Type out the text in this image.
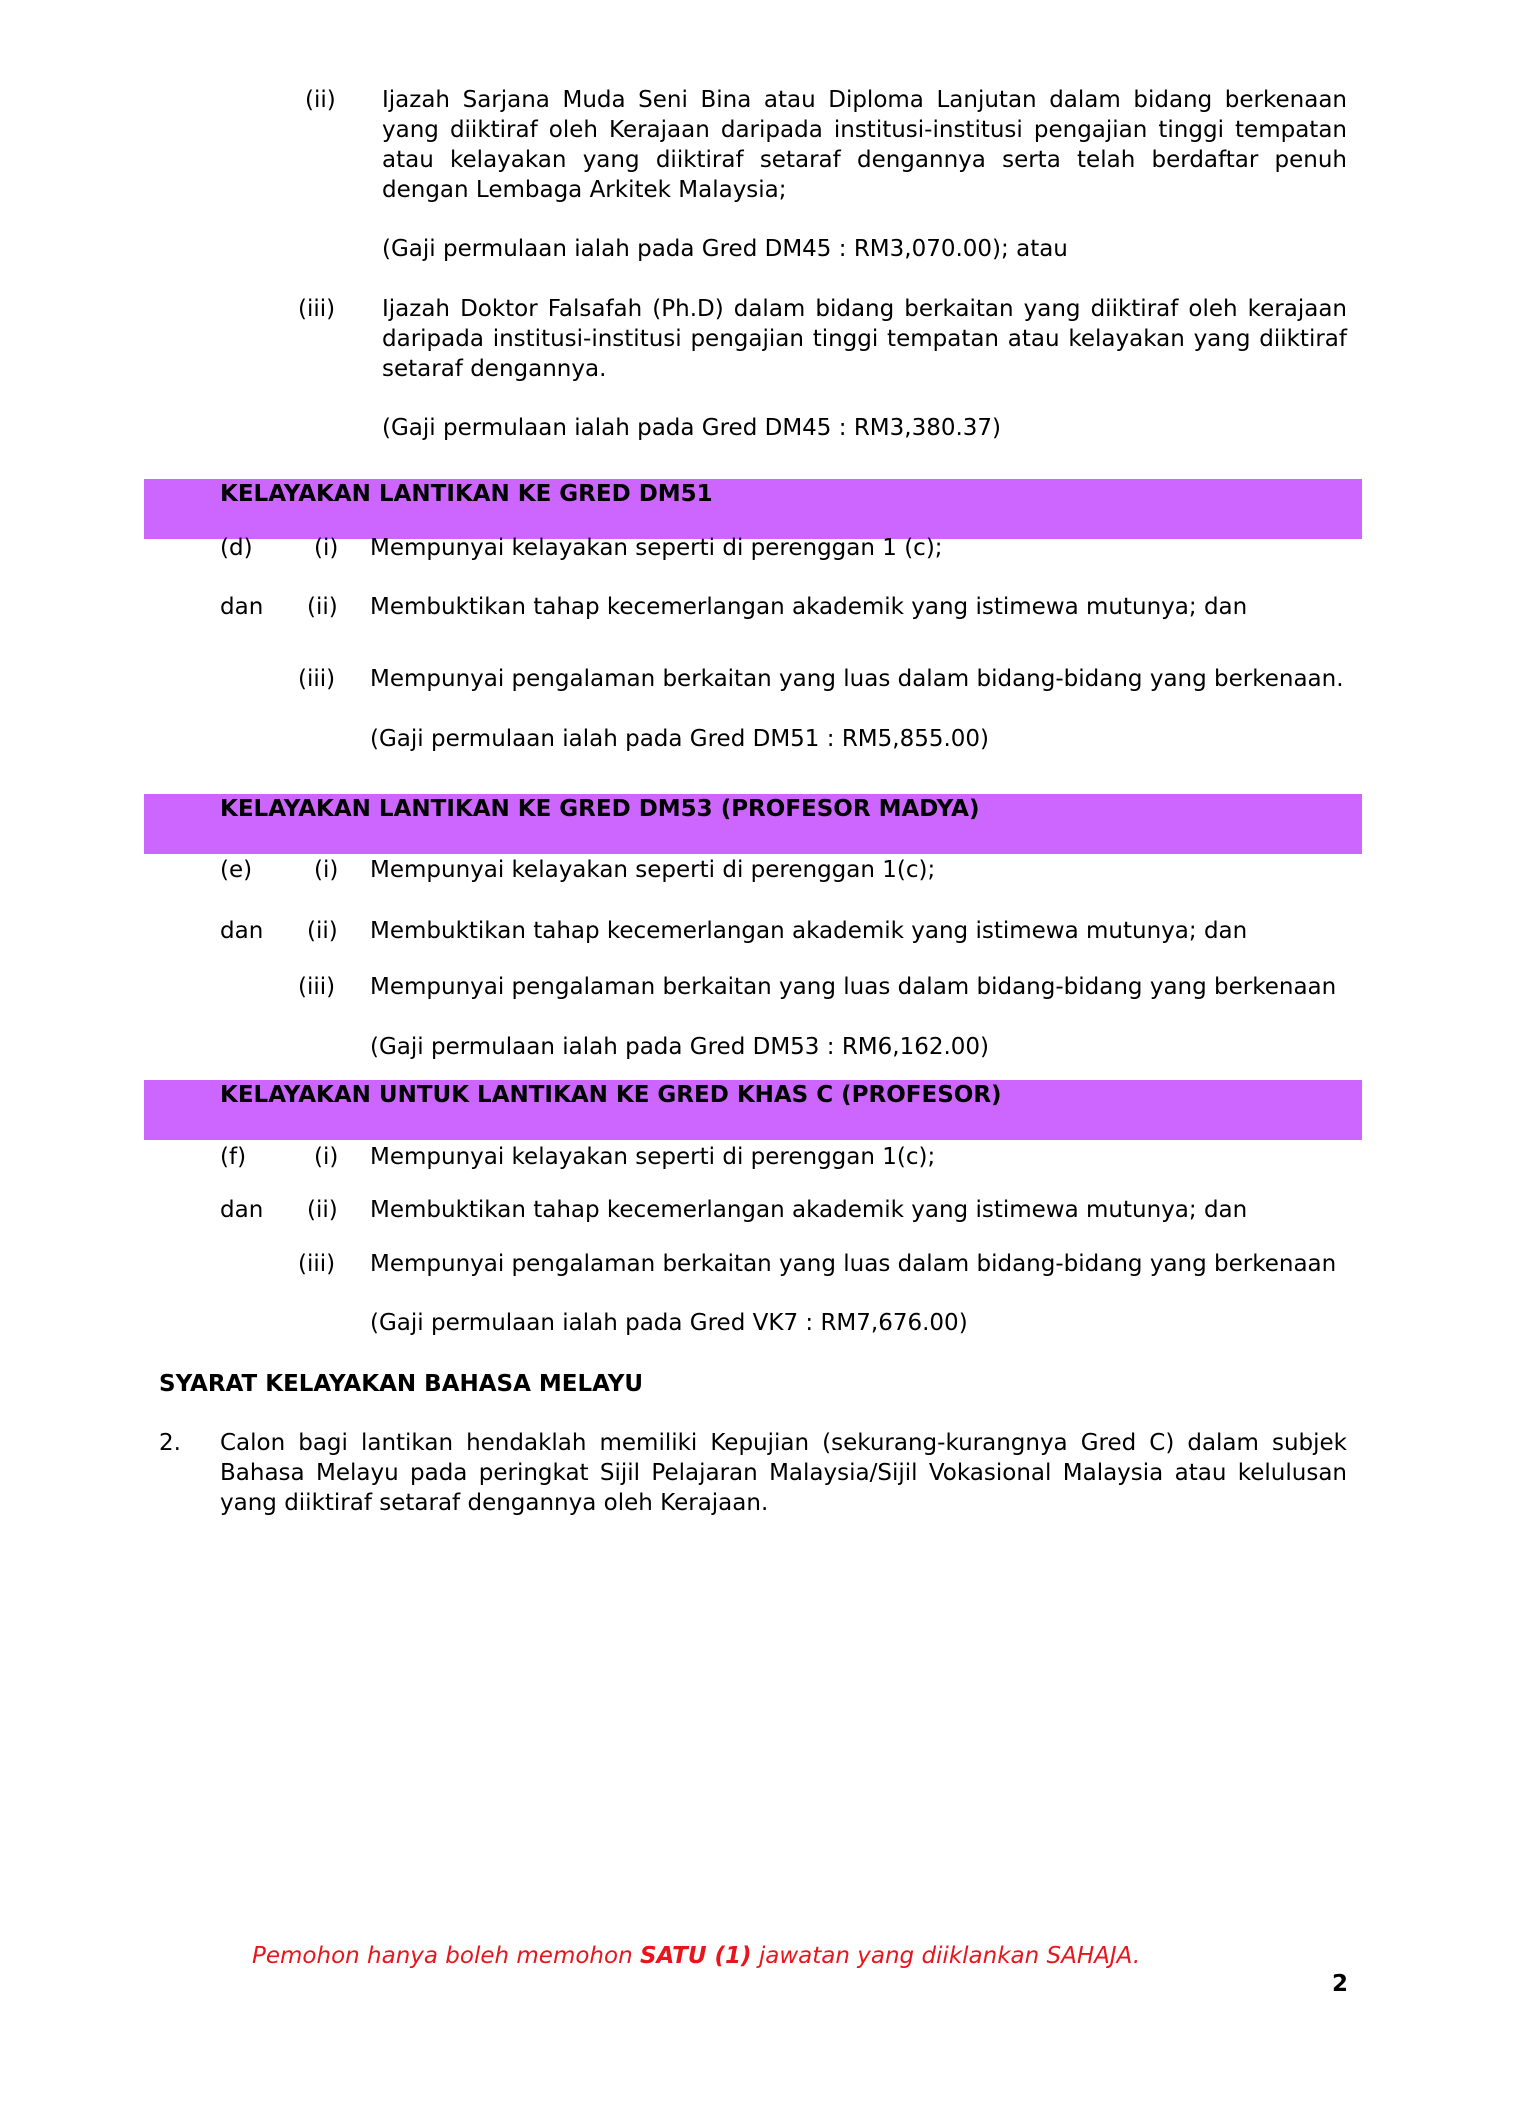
(ii) Ijazah Sarjana Muda Seni Bina atau Diploma Lanjutan dalam bidang berkenaan yang diiktiraf oleh Kerajaan daripada institusi-institusi pengajian tinggi tempatan atau kelayakan yang diiktiraf setaraf dengannya serta telah berdaftar penuh dengan Lembaga Arkitek Malaysia;
(Gaji permulaan ialah pada Gred DM45 : RM3,070.00); atau
(iii) Ijazah Doktor Falsafah (Ph.D) dalam bidang berkaitan yang diiktiraf oleh kerajaan daripada institusi-institusi pengajian tinggi tempatan atau kelayakan yang diiktiraf setaraf dengannya.
(Gaji permulaan ialah pada Gred DM45 : RM3,380.37)
KELAYAKAN LANTIKAN KE GRED DM51
(d)	(i) Mempunyai kelayakan seperti di perenggan 1 (c);
dan (ii) Membuktikan tahap kecemerlangan akademik yang istimewa mutunya; dan
(iii) Mempunyai pengalaman berkaitan yang luas dalam bidang-bidang yang berkenaan.
(Gaji permulaan ialah pada Gred DM51 : RM5,855.00)
KELAYAKAN LANTIKAN KE GRED DM53 (PROFESOR MADYA)
(e)	(i) Mempunyai kelayakan seperti di perenggan 1(c);
dan (ii) Membuktikan tahap kecemerlangan akademik yang istimewa mutunya; dan
(iii) Mempunyai pengalaman berkaitan yang luas dalam bidang-bidang yang berkenaan
(Gaji permulaan ialah pada Gred DM53 : RM6,162.00)
KELAYAKAN UNTUK LANTIKAN KE GRED KHAS C (PROFESOR)
(f)	(i) Mempunyai kelayakan seperti di perenggan 1(c);
dan (ii) Membuktikan tahap kecemerlangan akademik yang istimewa mutunya; dan
(iii) Mempunyai pengalaman berkaitan yang luas dalam bidang-bidang yang berkenaan
(Gaji permulaan ialah pada Gred VK7 : RM7,676.00)
SYARAT KELAYAKAN BAHASA MELAYU
2. Calon bagi lantikan hendaklah memiliki Kepujian (sekurang-kurangnya Gred C) dalam subjek Bahasa Melayu pada peringkat Sijil Pelajaran Malaysia/Sijil Vokasional Malaysia atau kelulusan yang diiktiraf setaraf dengannya oleh Kerajaan.
Pemohon hanya boleh memohon SATU (1) jawatan yang diiklankan SAHAJA.
2
